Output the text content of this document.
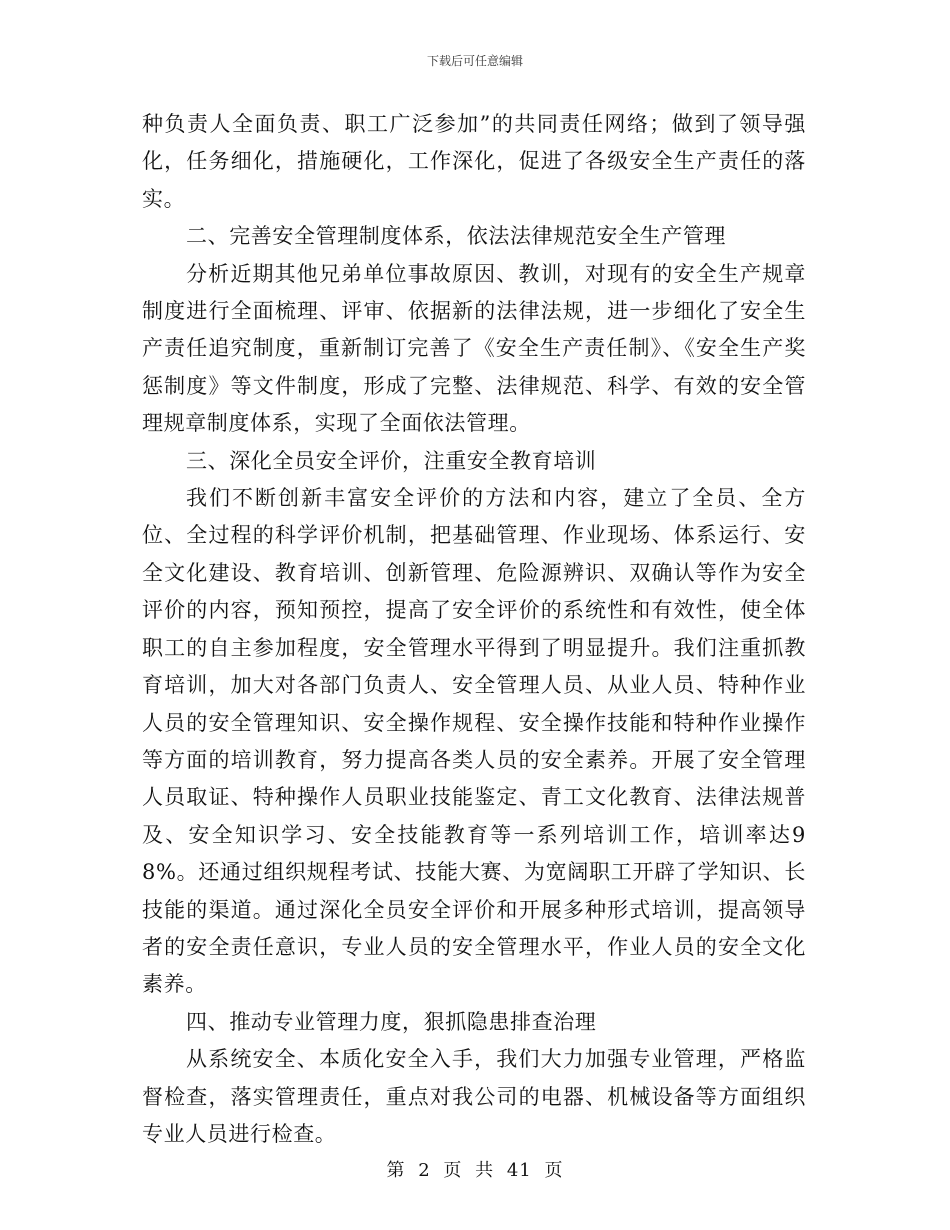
下载后可任意编辑

种负责人全面负责、职工广泛参加”的共同责任网络；做到了领导强化，任务细化，措施硬化，工作深化，促进了各级安全生产责任的落实。

二、完善安全管理制度体系，依法法律规范安全生产管理

分析近期其他兄弟单位事故原因、教训，对现有的安全生产规章制度进行全面梳理、评审、依据新的法律法规，进一步细化了安全生产责任追究制度，重新制订完善了《安全生产责任制》、《安全生产奖惩制度》等文件制度，形成了完整、法律规范、科学、有效的安全管理规章制度体系，实现了全面依法管理。

三、深化全员安全评价，注重安全教育培训

我们不断创新丰富安全评价的方法和内容，建立了全员、全方位、全过程的科学评价机制，把基础管理、作业现场、体系运行、安全文化建设、教育培训、创新管理、危险源辨识、双确认等作为安全评价的内容，预知预控，提高了安全评价的系统性和有效性，使全体职工的自主参加程度，安全管理水平得到了明显提升。我们注重抓教育培训，加大对各部门负责人、安全管理人员、从业人员、特种作业人员的安全管理知识、安全操作规程、安全操作技能和特种作业操作等方面的培训教育，努力提高各类人员的安全素养。开展了安全管理人员取证、特种操作人员职业技能鉴定、青工文化教育、法律法规普及、安全知识学习、安全技能教育等一系列培训工作，培训率达98%。还通过组织规程考试、技能大赛、为宽阔职工开辟了学知识、长技能的渠道。通过深化全员安全评价和开展多种形式培训，提高领导者的安全责任意识，专业人员的安全管理水平，作业人员的安全文化素养。

四、推动专业管理力度，狠抓隐患排查治理

从系统安全、本质化安全入手，我们大力加强专业管理，严格监督检查，落实管理责任，重点对我公司的电器、机械设备等方面组织专业人员进行检查。

第 2 页 共 41 页
